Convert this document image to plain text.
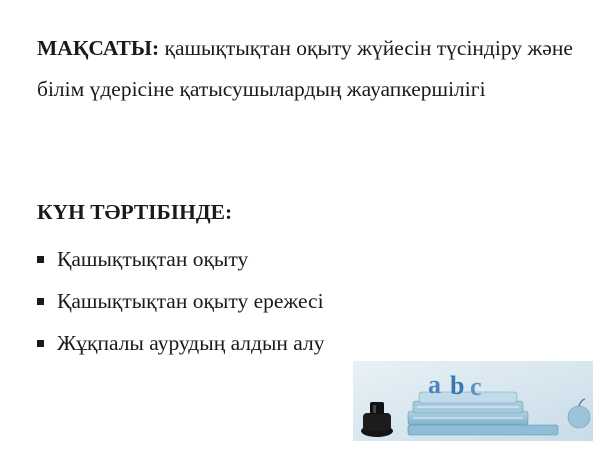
МАҚСАТЫ: қашықтықтан оқыту жүйесін түсіндіру және білім үдерісіне қатысушылардың жауапкершілігі
КҮН ТӘРТІБІНДЕ:
Қашықтықтан оқыту
Қашықтықтан оқыту ережесі
Жұқпалы аурудың алдын алу
a b c
